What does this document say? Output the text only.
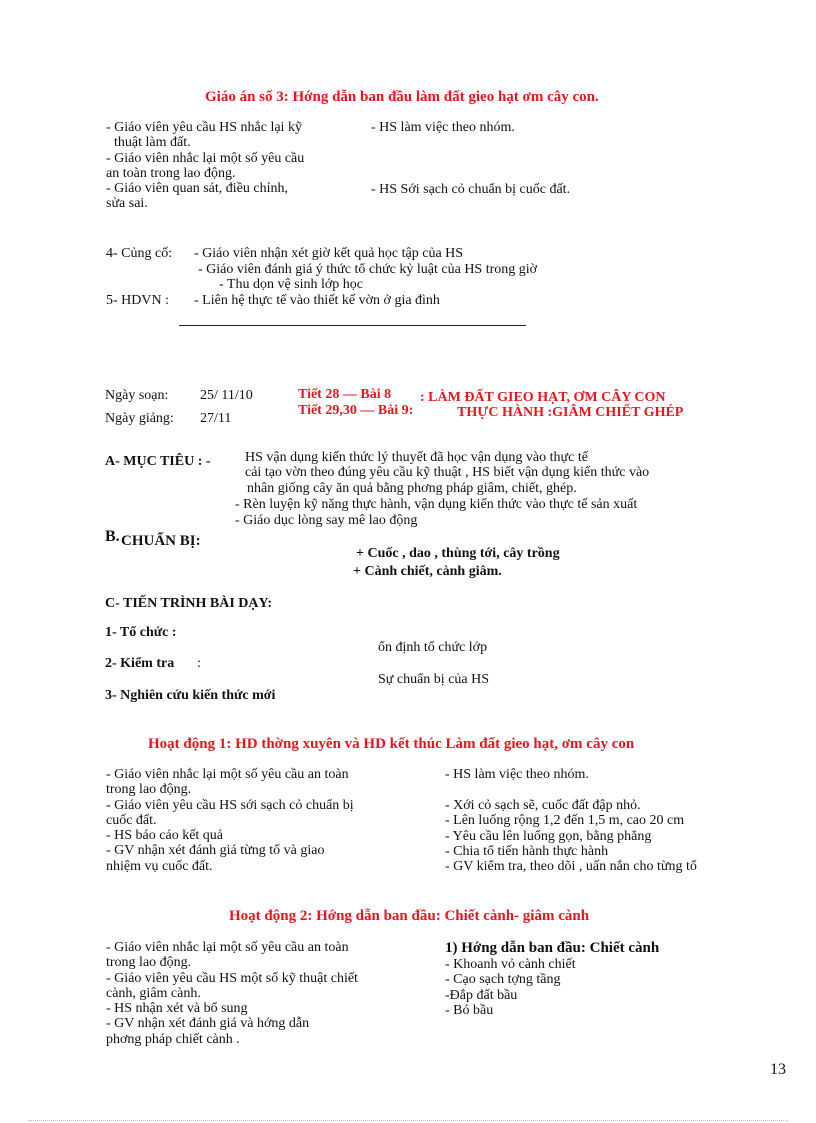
Giáo án số 3: Hớng dẫn ban đầu làm đất gieo hạt ơm cây con.
- Giáo viên yêu cầu HS nhắc lại kỹ
thuật làm đất.
- Giáo viên nhắc lại một số yêu cầu
an toàn trong lao động.
- Giáo viên quan sát, điều chỉnh,
sửa sai.
- HS làm việc theo nhóm.
- HS Sới sạch cỏ chuẩn bị cuốc đất.
4- Củng cố: - Giáo viên nhận xét giờ kết quả học tập của HS
- Giáo viên đánh giá ý thức tổ chức kỷ luật của HS trong giờ
- Thu dọn vệ sinh lớp học
5- HDVN : - Liên hệ thực tế vào thiết kế vờn ở gia đình
Ngày soạn: 25/ 11/10
Ngày giảng: 27/11
Tiết 28 — Bài 8 : LÀM ĐẤT GIEO HẠT, ƠM CÂY CON
Tiết 29,30 — Bài 9:	THỰC HÀNH :GIÂM CHIẾT GHÉP
A- MỤC TIÊU : - HS vận dụng kiến thức lý thuyết đã học vận dụng vào thực tế
cải tạo vờn theo đúng yêu cầu kỹ thuật , HS biết vận dụng kiến thức vào
nhân giống cây ăn quả bằng phơng pháp giâm, chiết, ghép.
- Rèn luyện kỹ năng thực hành, vận dụng kiến thức vào thực tế sản xuất
- Giáo dục lòng say mê lao động
B. CHUẨN BỊ:
+ Cuốc , dao , thùng tới, cây trồng
+ Cành chiết, cành giâm.
C- TIẾN TRÌNH BÀI DẠY:
1- Tổ chức :
ổn định tổ chức lớp
2- Kiểm tra :
Sự chuẩn bị của HS
3- Nghiên cứu kiến thức mới
Hoạt động 1: HD thờng xuyên và HD kết thúc Làm đất gieo hạt, ơm cây con
- Giáo viên nhắc lại một số yêu cầu an toàn
trong lao động.
- Giáo viên yêu cầu HS sới sạch cỏ chuẩn bị
cuốc đất.
- HS báo cáo kết quả
- GV nhận xét đánh giá từng tổ và giao
nhiệm vụ cuốc đất.
- HS làm việc theo nhóm.
- Xới cỏ sạch sẽ, cuốc đất đập nhỏ.
- Lên luống rộng 1,2 đến 1,5 m, cao 20 cm
- Yêu cầu lên luống gọn, bằng phẳng
- Chia tổ tiến hành thực hành
- GV kiểm tra, theo dõi , uấn nắn cho từng tổ
Hoạt động 2: Hớng dẫn ban đầu: Chiết cành- giâm cành
- Giáo viên nhắc lại một số yêu cầu an toàn
trong lao động.
- Giáo viên yêu cầu HS một số kỹ thuật chiết
cành, giâm cành.
- HS nhận xét và bổ sung
- GV nhận xét đánh giá và hớng dẫn
phơng pháp chiết cành .
1) Hớng dẫn ban đầu: Chiết cành
- Khoanh vỏ cành chiết
- Cạo sạch tợng tầng
-Đắp đất bầu
- Bó bầu
13
